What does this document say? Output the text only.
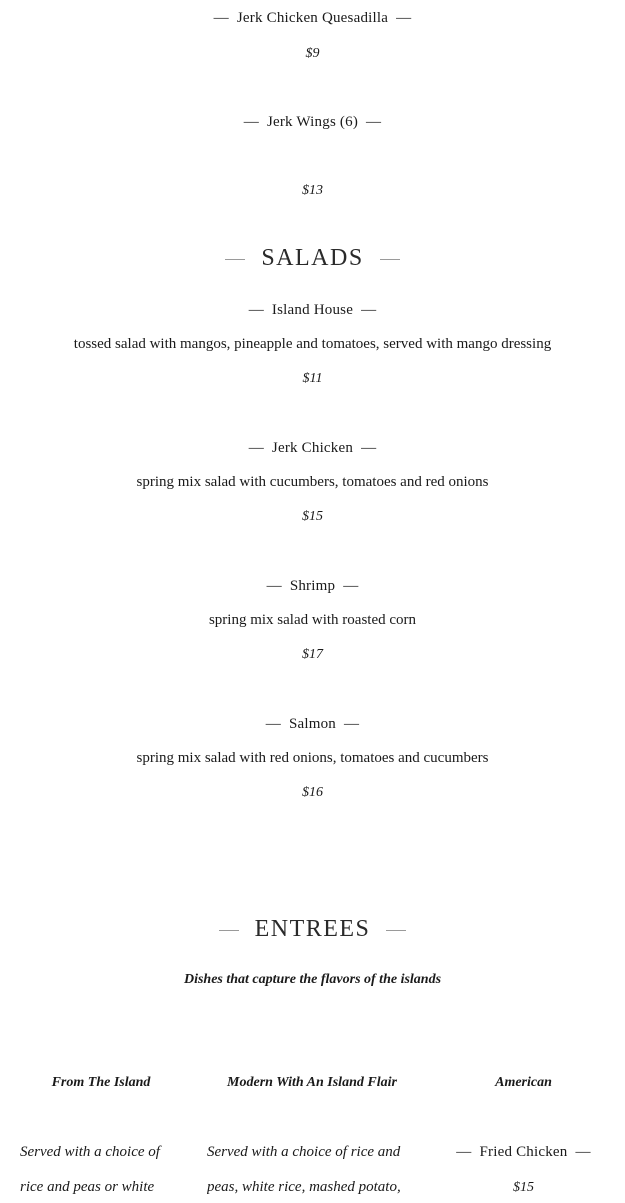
— Jerk Chicken Quesadilla —
$9
— Jerk Wings (6) —
$13
SALADS
— Island House —
tossed salad with mangos, pineapple and tomatoes, served with mango dressing
$11
— Jerk Chicken —
spring mix salad with cucumbers, tomatoes and red onions
$15
— Shrimp —
spring mix salad with roasted corn
$17
— Salmon —
spring mix salad with red onions, tomatoes and cucumbers
$16
ENTREES
Dishes that capture the flavors of the islands
From The Island	Modern With An Island Flair	American
Served with a choice of rice and peas or white
Served with a choice of rice and peas, white rice, mashed potato,
— Fried Chicken —
$15
